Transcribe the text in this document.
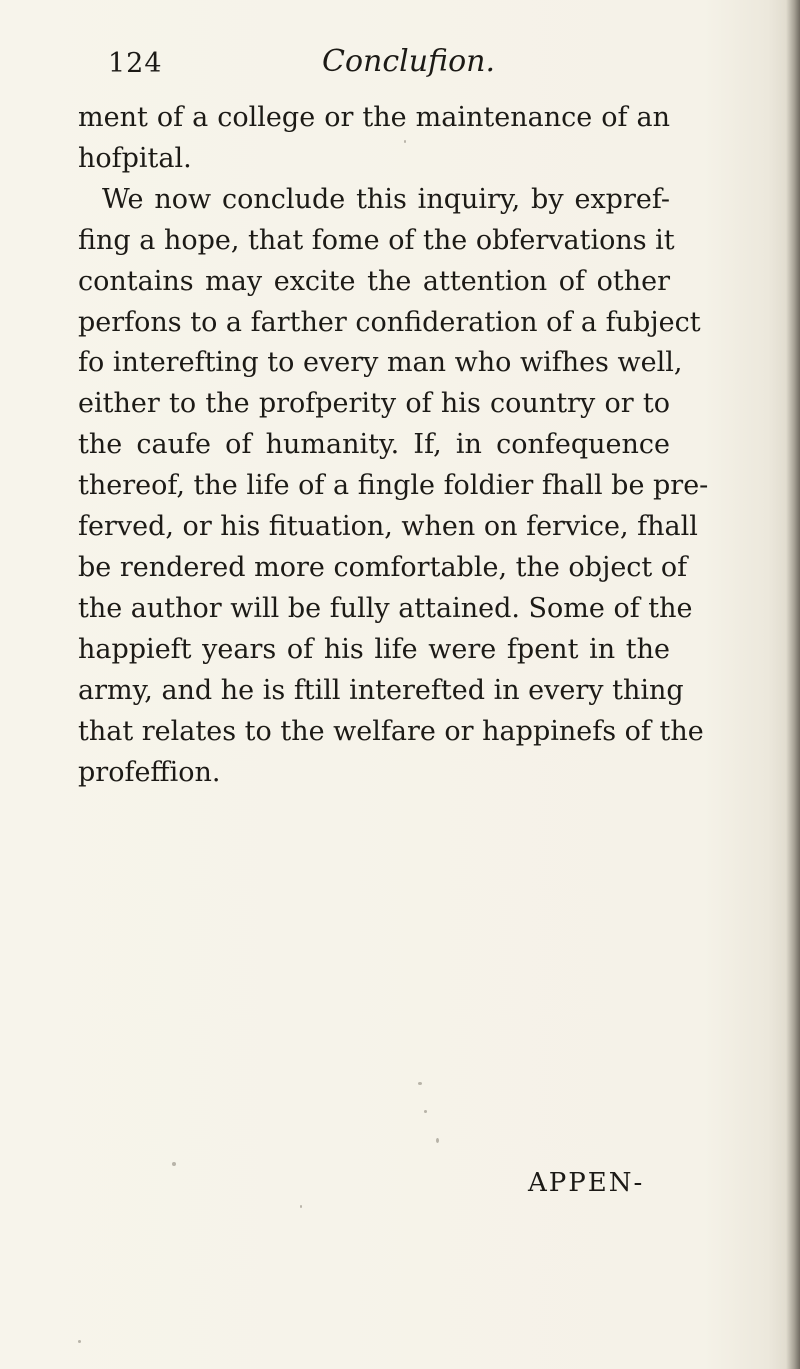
124	Conclufion.
ment of a college or the maintenance of an
hofpital.
We now conclude this inquiry, by expref-
fing a hope, that fome of the obfervations it
contains may excite the attention of other
perfons to a farther confideration of a fubject
fo interefting to every man who wifhes well,
either to the profperity of his country or to
the caufe of humanity. If, in confequence
thereof, the life of a fingle foldier fhall be pre-
ferved, or his fituation, when on fervice, fhall
be rendered more comfortable, the object of
the author will be fully attained. Some of the
happieft years of his life were fpent in the
army, and he is ftill interefted in every thing
that relates to the welfare or happinefs of the
profeffion.
APPEN-
